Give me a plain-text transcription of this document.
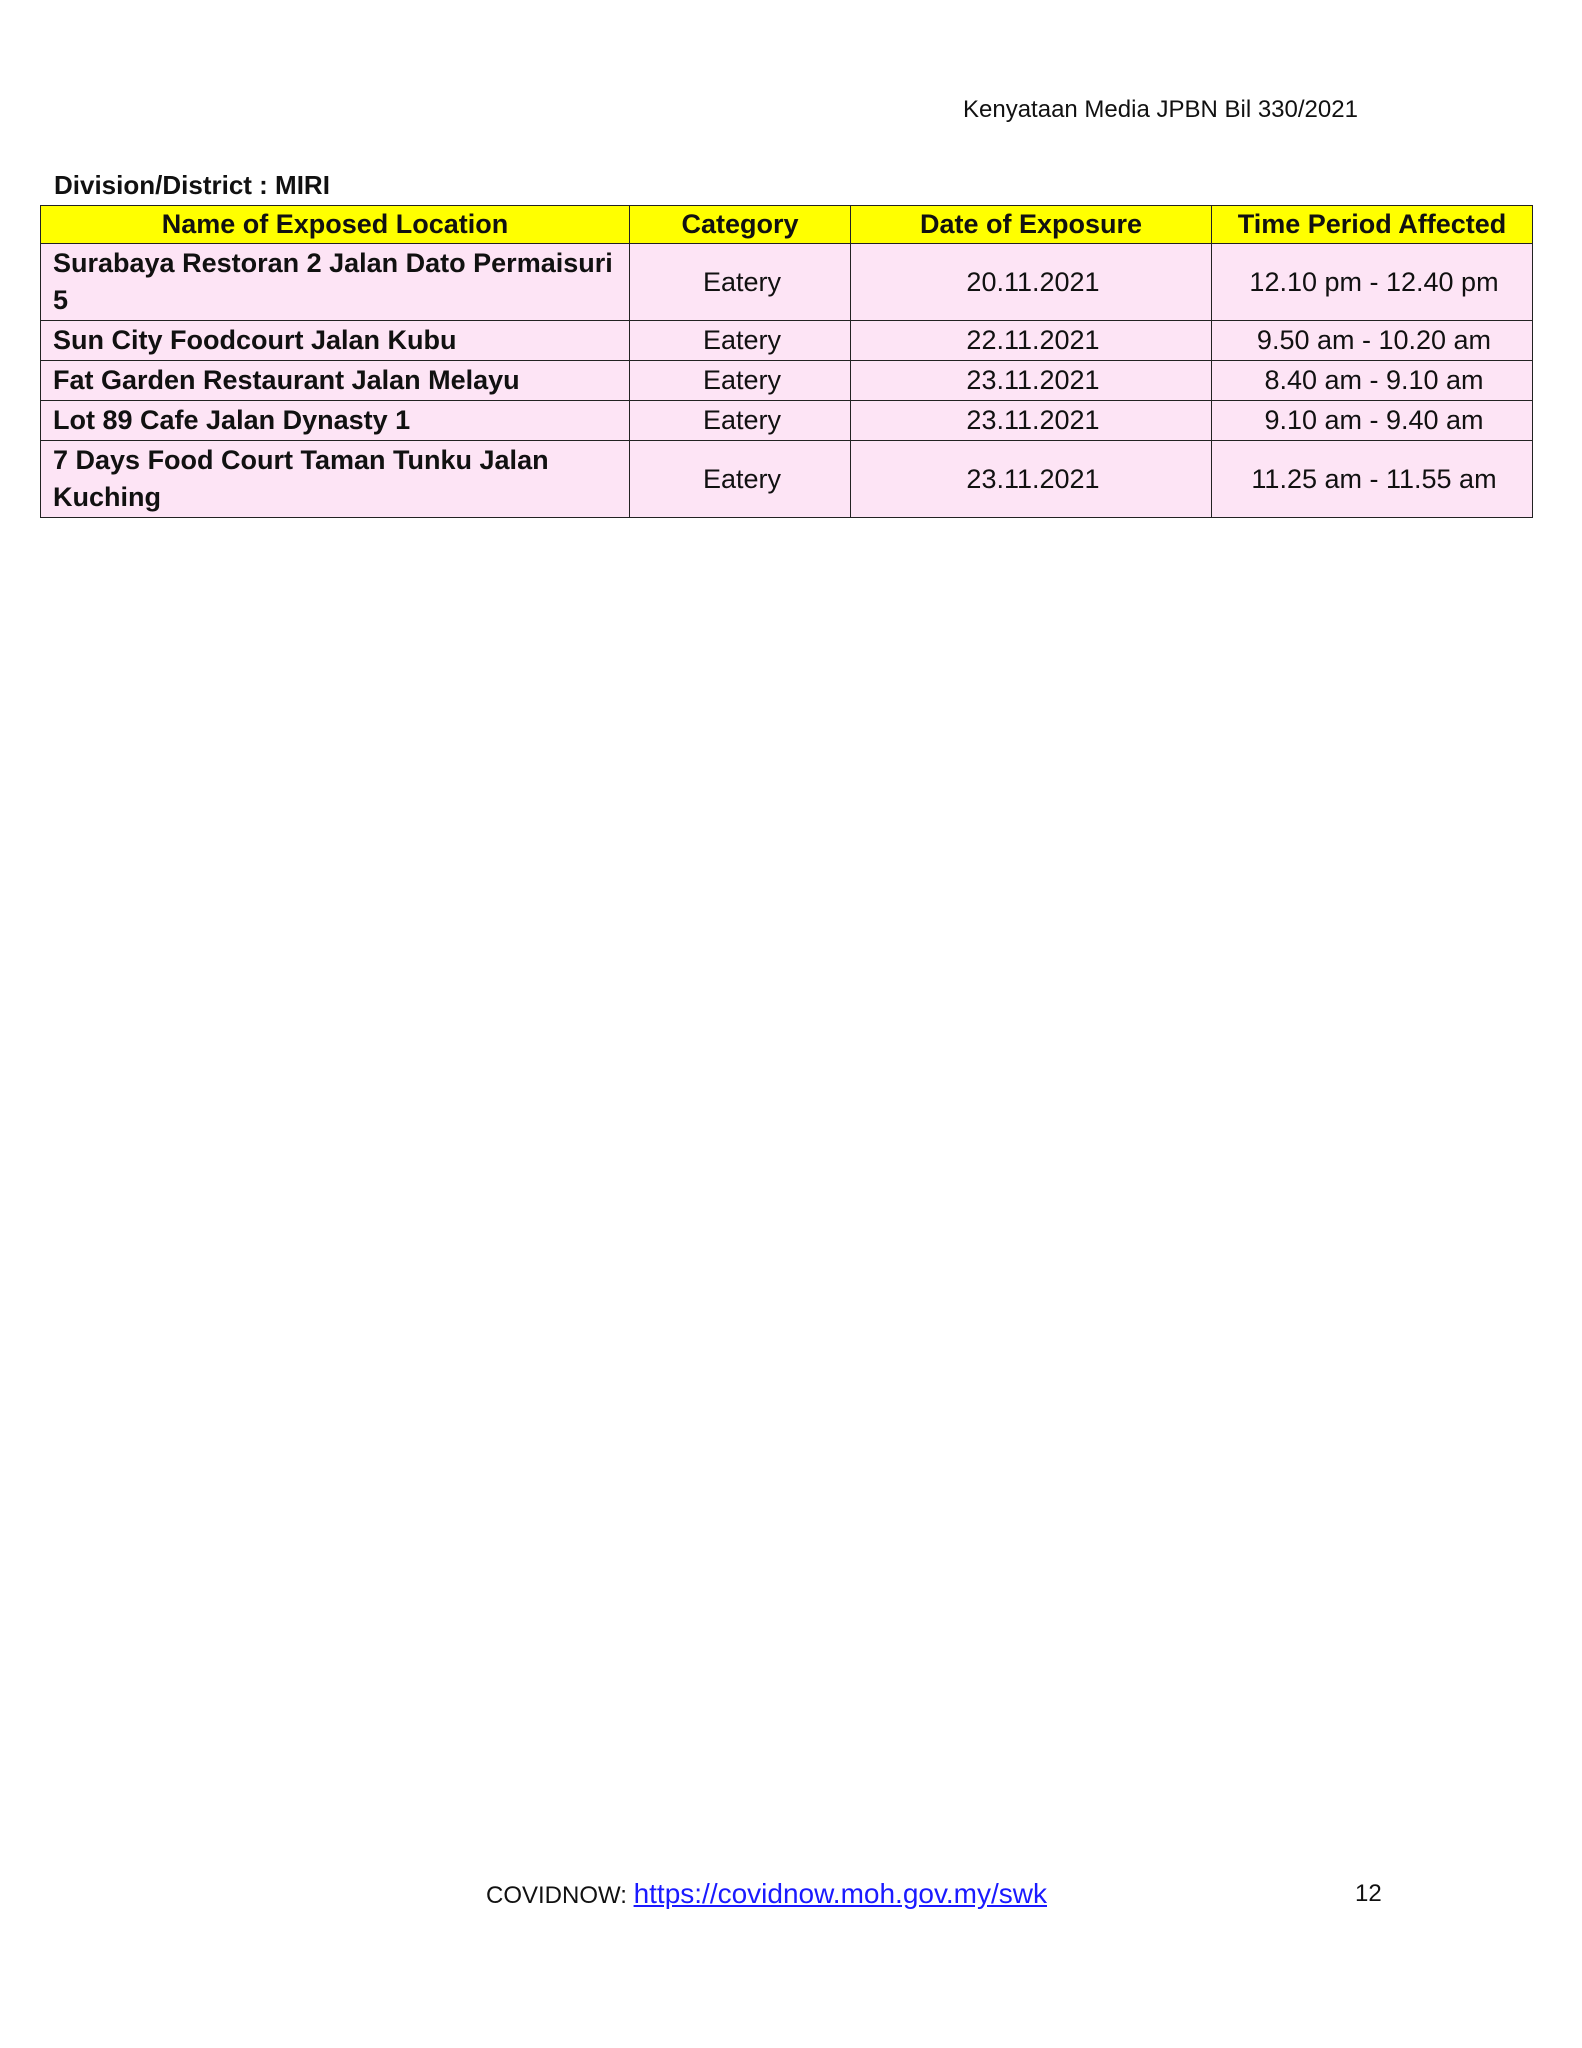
Kenyataan Media JPBN Bil 330/2021
Division/District : MIRI
Name of Exposed Location	Category	Date of Exposure	Time Period Affected
Surabaya Restoran 2 Jalan Dato Permaisuri 5	Eatery	20.11.2021	12.10 pm - 12.40 pm
Sun City Foodcourt Jalan Kubu	Eatery	22.11.2021	9.50 am - 10.20 am
Fat Garden Restaurant Jalan Melayu	Eatery	23.11.2021	8.40 am - 9.10 am
Lot 89 Cafe Jalan Dynasty 1	Eatery	23.11.2021	9.10 am - 9.40 am
7 Days Food Court Taman Tunku Jalan Kuching	Eatery	23.11.2021	11.25 am - 11.55 am
COVIDNOW: https://covidnow.moh.gov.my/swk	12
